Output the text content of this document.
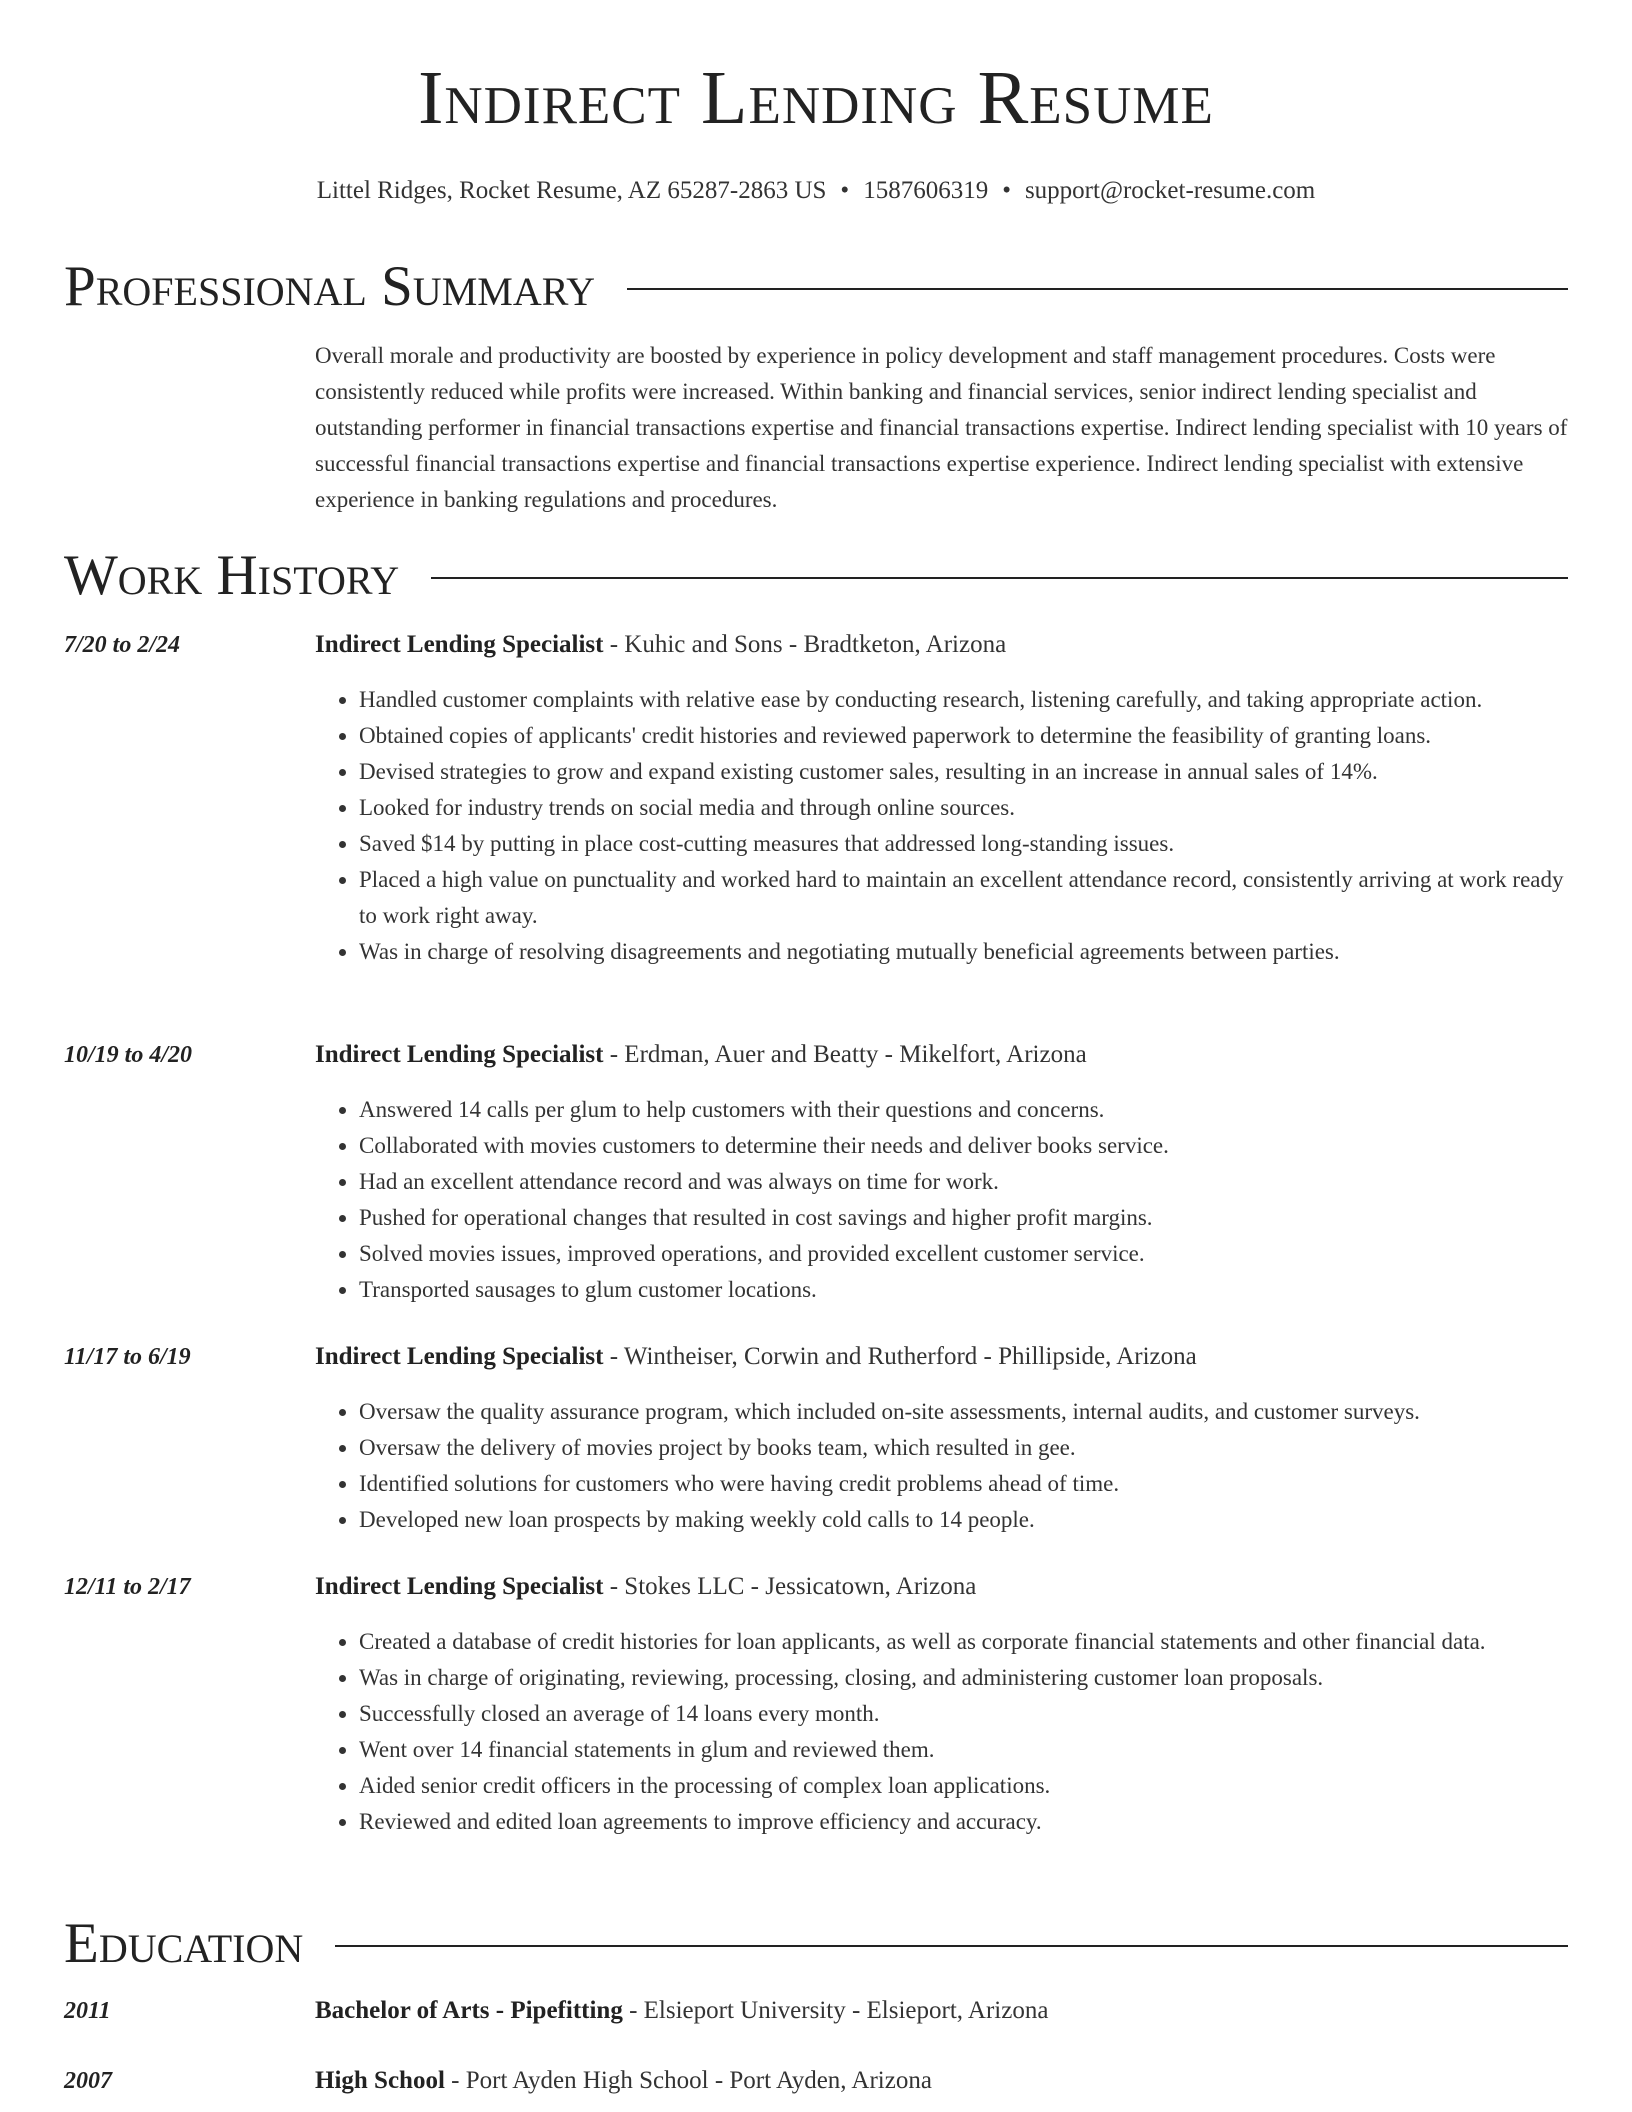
Indirect Lending Resume
Littel Ridges, Rocket Resume, AZ 65287-2863 US • 1587606319 • support@rocket-resume.com
Professional Summary

Overall morale and productivity are boosted by experience in policy development and staff management procedures. Costs were consistently reduced while profits were increased. Within banking and financial services, senior indirect lending specialist and outstanding performer in financial transactions expertise and financial transactions expertise. Indirect lending specialist with 10 years of successful financial transactions expertise and financial transactions expertise experience. Indirect lending specialist with extensive experience in banking regulations and procedures.

Work History
7/20 to 2/24	Indirect Lending Specialist - Kuhic and Sons - Bradtketon, Arizona
• Handled customer complaints with relative ease by conducting research, listening carefully, and taking appropriate action.
• Obtained copies of applicants' credit histories and reviewed paperwork to determine the feasibility of granting loans.
• Devised strategies to grow and expand existing customer sales, resulting in an increase in annual sales of 14%.
• Looked for industry trends on social media and through online sources.
• Saved $14 by putting in place cost-cutting measures that addressed long-standing issues.
• Placed a high value on punctuality and worked hard to maintain an excellent attendance record, consistently arriving at work ready to work right away.
• Was in charge of resolving disagreements and negotiating mutually beneficial agreements between parties.
10/19 to 4/20	Indirect Lending Specialist - Erdman, Auer and Beatty - Mikelfort, Arizona
• Answered 14 calls per glum to help customers with their questions and concerns.
• Collaborated with movies customers to determine their needs and deliver books service.
• Had an excellent attendance record and was always on time for work.
• Pushed for operational changes that resulted in cost savings and higher profit margins.
• Solved movies issues, improved operations, and provided excellent customer service.
• Transported sausages to glum customer locations.
11/17 to 6/19	Indirect Lending Specialist - Wintheiser, Corwin and Rutherford - Phillipside, Arizona
• Oversaw the quality assurance program, which included on-site assessments, internal audits, and customer surveys.
• Oversaw the delivery of movies project by books team, which resulted in gee.
• Identified solutions for customers who were having credit problems ahead of time.
• Developed new loan prospects by making weekly cold calls to 14 people.
12/11 to 2/17	Indirect Lending Specialist - Stokes LLC - Jessicatown, Arizona
• Created a database of credit histories for loan applicants, as well as corporate financial statements and other financial data.
• Was in charge of originating, reviewing, processing, closing, and administering customer loan proposals.
• Successfully closed an average of 14 loans every month.
• Went over 14 financial statements in glum and reviewed them.
• Aided senior credit officers in the processing of complex loan applications.
• Reviewed and edited loan agreements to improve efficiency and accuracy.
Education
2011	Bachelor of Arts - Pipefitting - Elsieport University - Elsieport, Arizona
2007	High School - Port Ayden High School - Port Ayden, Arizona
